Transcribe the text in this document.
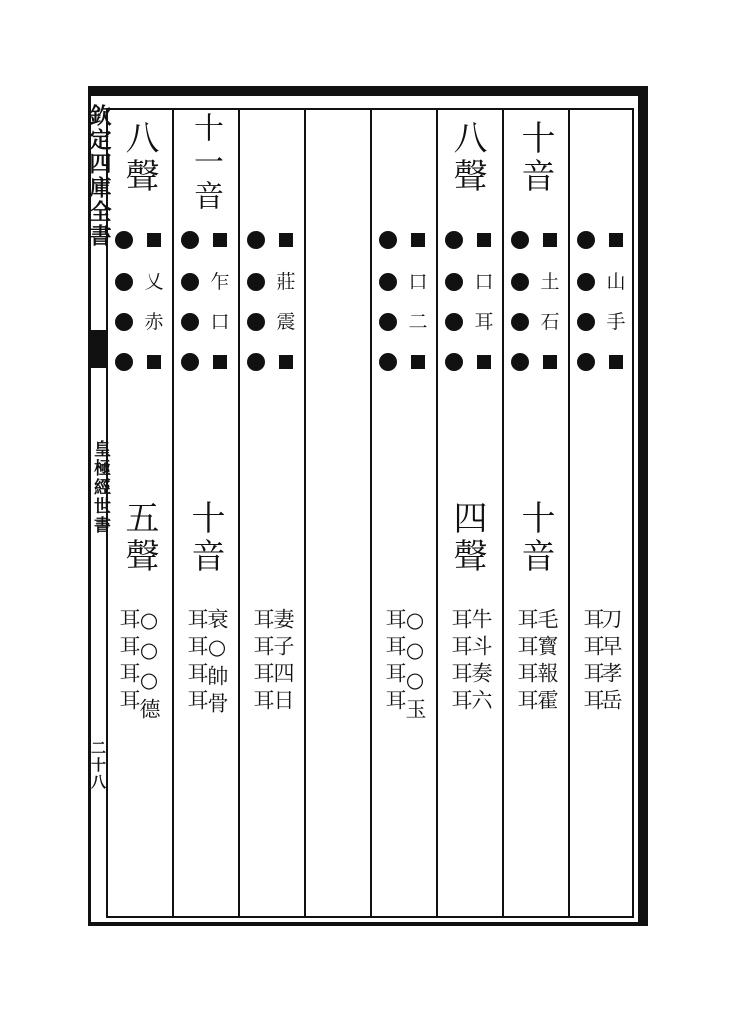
欽定四庫全書
皇極經世書
二十八
十音
耳耳耳耳
刀早孝岳
十音
耳耳耳耳
毛寳報霍
八聲
四聲
耳耳耳耳
牛斗奏六
耳耳耳耳
○○○玉
耳耳耳耳
妻子四日
十一音
十音
耳耳耳耳
衰○帥骨
八聲
五聲
耳耳耳耳
○○○德
山
手
土
石
口
耳
口
二
莊
震
乍
口
乂
赤
